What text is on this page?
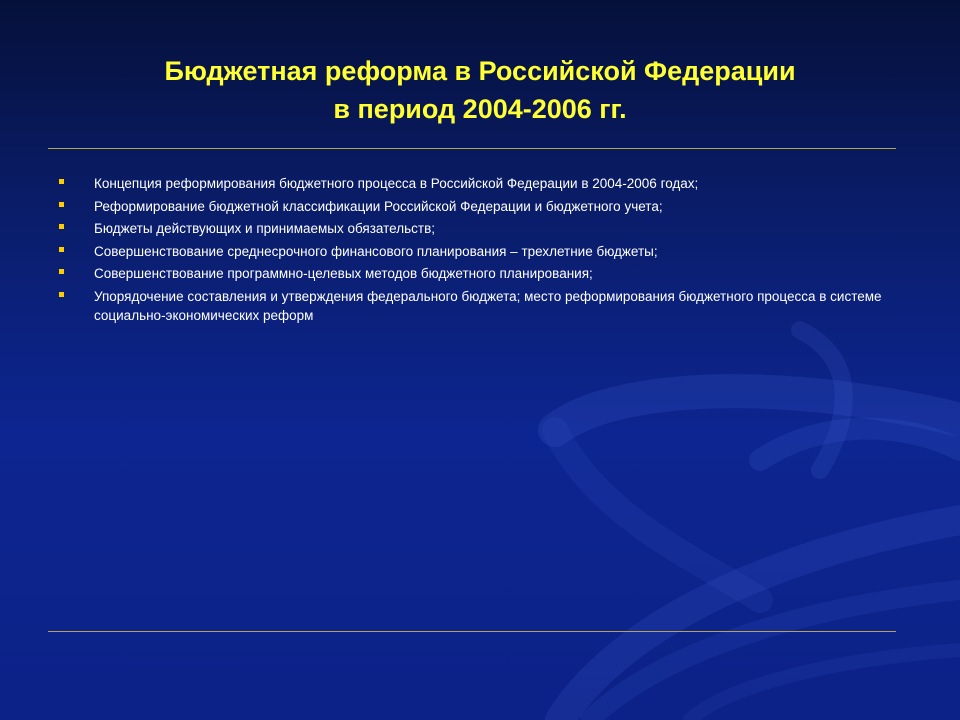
Бюджетная реформа в Российской Федерации
в период 2004-2006 гг.
Концепция реформирования бюджетного процесса в Российской Федерации в 2004-2006 годах;
Реформирование бюджетной классификации Российской Федерации и бюджетного учета;
Бюджеты действующих и принимаемых обязательств;
Совершенствование среднесрочного финансового планирования – трехлетние бюджеты;
Совершенствование программно-целевых методов бюджетного планирования;
Упорядочение составления и утверждения федерального бюджета; место реформирования бюджетного процесса в системе социально-экономических реформ
